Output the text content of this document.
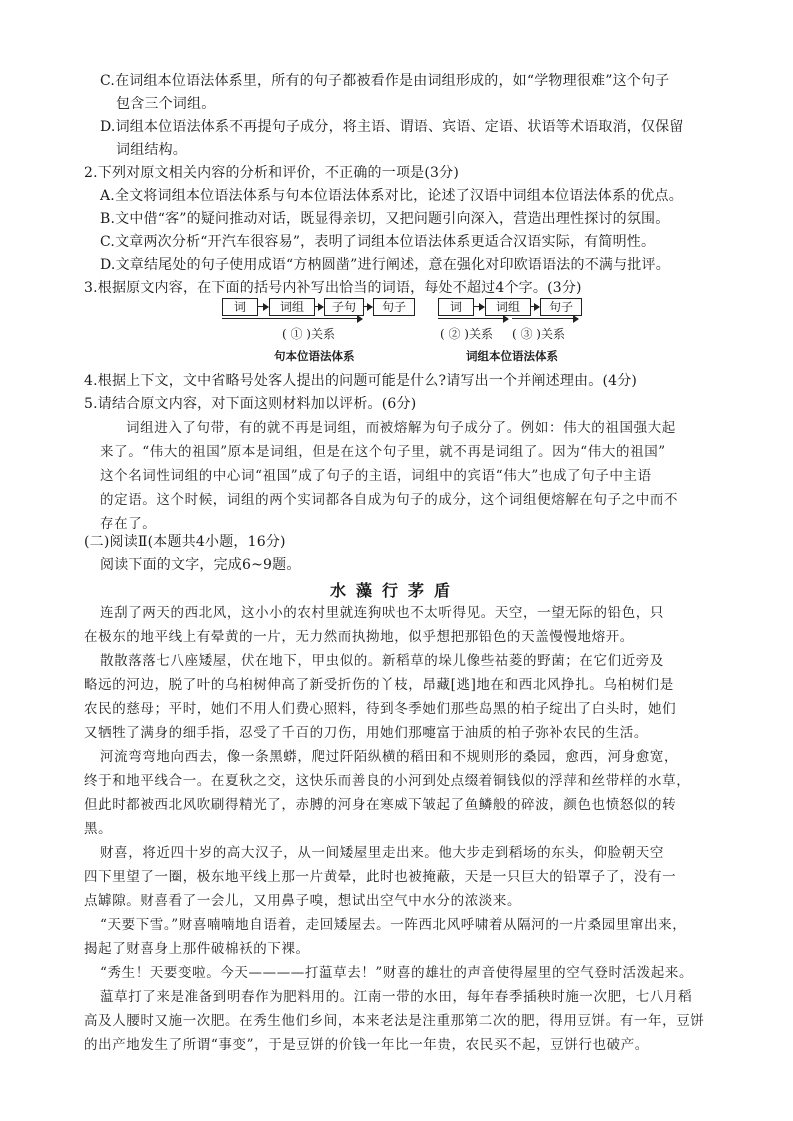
C.在词组本位语法体系里，所有的句子都被看作是由词组形成的，如“学物理很难”这个句子
包含三个词组。
D.词组本位语法体系不再提句子成分，将主语、谓语、宾语、定语、状语等术语取消，仅保留
词组结构。
2.下列对原文相关内容的分析和评价，不正确的一项是(3分)
A.全文将词组本位语法体系与句本位语法体系对比，论述了汉语中词组本位语法体系的优点。
B.文中借“客”的疑问推动对话，既显得亲切，又把问题引向深入，营造出理性探讨的氛围。
C.文章两次分析“开汽车很容易”，表明了词组本位语法体系更适合汉语实际，有简明性。
D.文章结尾处的句子使用成语“方枘圆凿”进行阐述，意在强化对印欧语语法的不满与批评。
3.根据原文内容，在下面的括号内补写出恰当的词语，每处不超过4个字。(3分)
4.根据上下文，文中省略号处客人提出的问题可能是什么?请写出一个并阐述理由。(4分)
5.请结合原文内容，对下面这则材料加以评析。(6分)
词	词组	子句	句子
( ① )关系
句本位语法体系
词	词组	句子
( ② )关系 ( ③ )关系
词组本位语法体系
词组进入了句带，有的就不再是词组，而被熔解为句子成分了。例如：伟大的祖国强大起
来了。“伟大的祖国”原本是词组，但是在这个句子里，就不再是词组了。因为“伟大的祖国”
这个名词性词组的中心词“祖国”成了句子的主语，词组中的宾语“伟大”也成了句子中主语
的定语。这个时候，词组的两个实词都各自成为句子的成分，这个词组便熔解在句子之中而不
存在了。
(二)阅读Ⅱ(本题共4小题，16分)
阅读下面的文字，完成6~9题。
水藻行茅盾
连刮了两天的西北风，这小小的农村里就连狗吠也不太听得见。天空，一望无际的铅色，只
在极东的地平线上有晕黄的一片，无力然而执拗地，似乎想把那铅色的天盖慢慢地熔开。
散散落落七八座矮屋，伏在地下，甲虫似的。新稻草的垛儿像些祜菱的野菌；在它们近旁及
略远的河边，脱了叶的乌桕树伸高了新受折伤的丫枝，昂藏[逃]地在和西北风挣扎。乌桕树们是
农民的慈母；平时，她们不用人们费心照料，待到冬季她们那些岛黑的柏子绽出了白头时，她们
又牺牲了满身的细手指，忍受了千百的刀伤，用她们那嚏富于油质的柏子弥补农民的生活。
河流弯弯地向西去，像一条黑蟒，爬过阡陌纵横的稻田和不规则形的桑园，愈西，河身愈宽，
终于和地平线合一。在夏秋之交，这快乐而善良的小河到处点缀着铜钱似的浮萍和丝带样的水草，
但此时都被西北风吹刷得精光了，赤膊的河身在寒威下皱起了鱼鳞般的碎波，颜色也愤怒似的转
黑。
财喜，将近四十岁的高大汉子，从一间矮屋里走出来。他大步走到稻场的东头，仰脸朝天空
四下里望了一圈，极东地平线上那一片黄晕，此时也被掩蔽，天是一只巨大的铅罩子了，没有一
点罅隙。财喜看了一会儿，又用鼻子嗅，想试出空气中水分的浓淡来。
“天要下雪。”财喜喃喃地自语着，走回矮屋去。一阵西北风呼啸着从隔河的一片桑园里窜出来，
揭起了财喜身上那件破棉袄的下裸。
“秀生！天要变啦。今天————打蕰草去！”财喜的雄壮的声音使得屋里的空气登时活泼起来。
蕰草打了来是准备到明春作为肥料用的。江南一带的水田，每年春季插秧时施一次肥，七八月稻
高及人腰时又施一次肥。在秀生他们乡间，本来老法是注重那第二次的肥，得用豆饼。有一年，豆饼
的出产地发生了所谓“事变”，于是豆饼的价钱一年比一年贵，农民买不起，豆饼行也破产。
